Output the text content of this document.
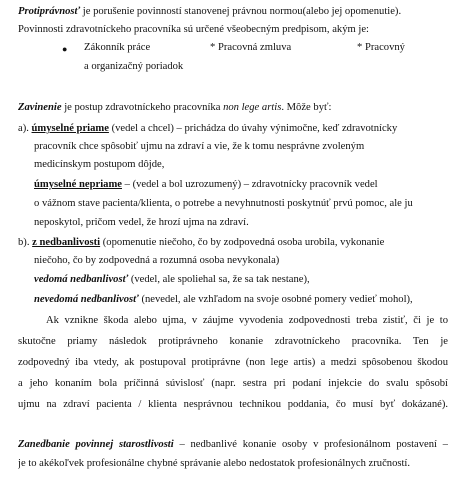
Protiprávnosť je porušenie povinností stanovenej právnou normou(alebo jej opomenutie).
Povinnosti zdravotníckeho pracovníka sú určené všeobecným predpisom, akým je:
●	Zákonník práce	* Pracovná zmluva	* Pracovný
a organizačný poriadok
Zavinenie je postup zdravotníckeho pracovníka non lege artis. Môže byť:
a). úmyselné priame (vedel a chcel) – prichádza do úvahy výnimočne, keď zdravotnícky
pracovník chce spôsobiť ujmu na zdraví a vie, že k tomu nesprávne zvoleným
medicínskym postupom dôjde,
úmyselné nepriame – (vedel a bol uzrozumený) – zdravotnícky pracovník vedel
o vážnom stave pacienta/klienta, o potrebe a nevyhnutnosti poskytnúť prvú pomoc, ale ju
neposkytol, pričom vedel, že hrozí ujma na zdraví.
b). z nedbanlivosti (opomenutie niečoho, čo by zodpovedná osoba urobila, vykonanie
niečoho, čo by zodpovedná a rozumná osoba nevykonala)
vedomá nedbanlivosť (vedel, ale spoliehal sa, že sa tak nestane),
nevedomá nedbanlivosť (nevedel, ale vzhľadom na svoje osobné pomery vedieť mohol),
Ak vznikne škoda alebo ujma, v záujme vyvodenia zodpovednosti treba zistiť, či je to
skutočne priamy následok protiprávneho konanie zdravotníckeho pracovníka. Ten je
zodpovedný iba vtedy, ak postupoval protiprávne (non lege artis) a medzi spôsobenou škodou
a jeho konaním bola príčinná súvislosť (napr. sestra pri podaní injekcie do svalu spôsobí
ujmu na zdraví pacienta / klienta nesprávnou technikou poddania, čo musí byť dokázané).
Zanedbanie povinnej starostlivosti – nedbanlivé konanie osoby v profesionálnom postavení –
je to akékoľvek profesionálne chybné správanie alebo nedostatok profesionálnych zručností.
